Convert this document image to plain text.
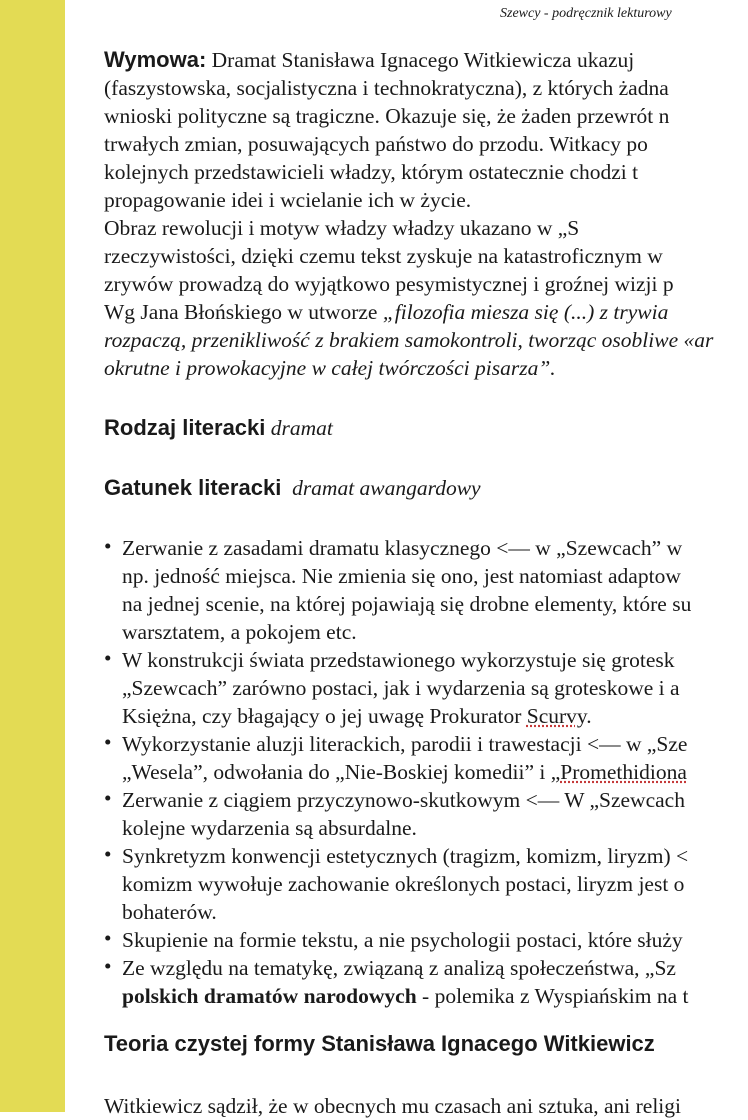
Szewcy - podręcznik lekturowy
Wymowa: Dramat Stanisława Ignacego Witkiewicza ukazuj
(faszystowska, socjalistyczna i technokratyczna), z których żadna
wnioski polityczne są tragiczne. Okazuje się, że żaden przewrót n
trwałych zmian, posuwających państwo do przodu. Witkacy po
kolejnych przedstawicieli władzy, którym ostatecznie chodzi t
propagowanie idei i wcielanie ich w życie.
Obraz rewolucji i motyw władzy władzy ukazano w „S
rzeczywistości, dzięki czemu tekst zyskuje na katastroficznym w
zrywów prowadzą do wyjątkowo pesymistycznej i groźnej wizji p
Wg Jana Błońskiego w utworze „filozofia miesza się (...) z trywia
rozpaczą, przenikliwość z brakiem samokontroli, tworząc osobliwe «ar
okrutne i prowokacyjne w całej twórczości pisarza”.
Rodzaj literacki dramat
Gatunek literacki dramat awangardowy
• Zerwanie z zasadami dramatu klasycznego <— w „Szewcach” w
np. jedność miejsca. Nie zmienia się ono, jest natomiast adaptow
na jednej scenie, na której pojawiają się drobne elementy, które su
warsztatem, a pokojem etc.
• W konstrukcji świata przedstawionego wykorzystuje się grotesk
„Szewcach” zarówno postaci, jak i wydarzenia są groteskowe i a
Księżna, czy błagający o jej uwagę Prokurator Scurvy.
• Wykorzystanie aluzji literackich, parodii i trawestacji <— w „Sze
„Wesela”, odwołania do „Nie-Boskiej komedii” i „Promethidiona
• Zerwanie z ciągiem przyczynowo-skutkowym <— W „Szewcach
kolejne wydarzenia są absurdalne.
• Synkretyzm konwencji estetycznych (tragizm, komizm, liryzm) <
komizm wywołuje zachowanie określonych postaci, liryzm jest o
bohaterów.
• Skupienie na formie tekstu, a nie psychologii postaci, które służy
• Ze względu na tematykę, związaną z analizą społeczeństwa, „Sz
polskich dramatów narodowych - polemika z Wyspiańskim na t
Teoria czystej formy Stanisława Ignacego Witkiewicz
Witkiewicz sądził, że w obecnych mu czasach ani sztuka, ani religi
